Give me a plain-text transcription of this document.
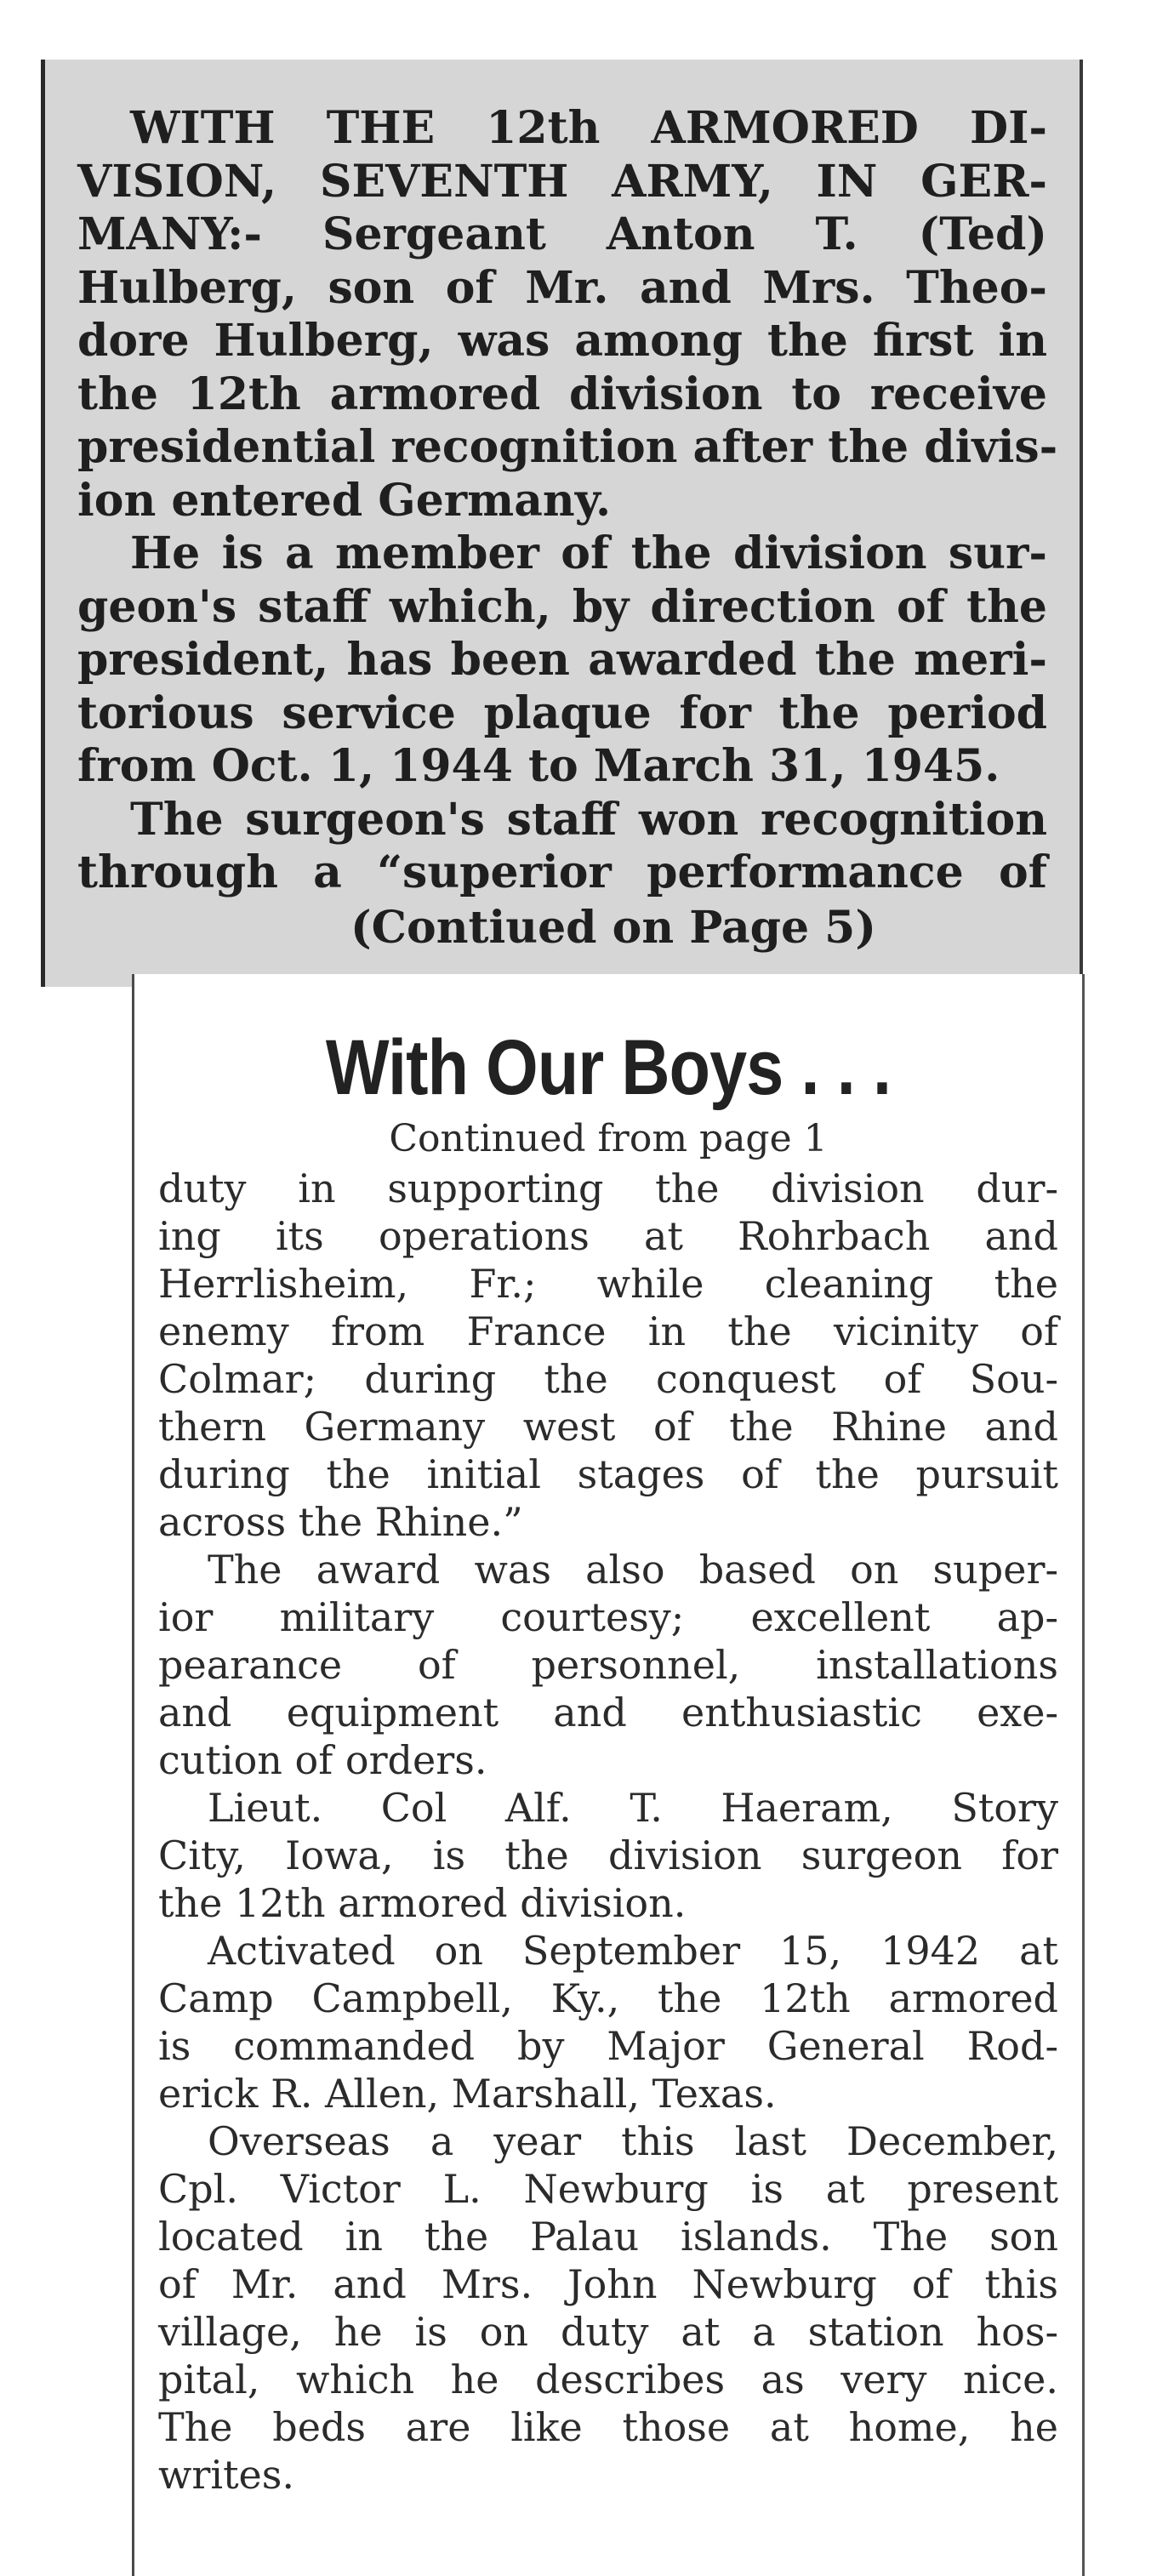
WITH THE 12th ARMORED DI-
VISION, SEVENTH ARMY, IN GER-
MANY:- Sergeant Anton T. (Ted)
Hulberg, son of Mr. and Mrs. Theo-
dore Hulberg, was among the first in
the 12th armored division to receive
presidential recognition after the divis-
ion entered Germany.
He is a member of the division sur-
geon's staff which, by direction of the
president, has been awarded the meri-
torious service plaque for the period
from Oct. 1, 1944 to March 31, 1945.
The surgeon's staff won recognition
through a “superior performance of
(Contiued on Page 5)
With Our Boys . . .
Continued from page 1
duty in supporting the division dur-
ing its operations at Rohrbach and
Herrlisheim, Fr.; while cleaning the
enemy from France in the vicinity of
Colmar; during the conquest of Sou-
thern Germany west of the Rhine and
during the initial stages of the pursuit
across the Rhine.”
The award was also based on super-
ior military courtesy; excellent ap-
pearance of personnel, installations
and equipment and enthusiastic exe-
cution of orders.
Lieut. Col Alf. T. Haeram, Story
City, Iowa, is the division surgeon for
the 12th armored division.
Activated on September 15, 1942 at
Camp Campbell, Ky., the 12th armored
is commanded by Major General Rod-
erick R. Allen, Marshall, Texas.
Overseas a year this last December,
Cpl. Victor L. Newburg is at present
located in the Palau islands. The son
of Mr. and Mrs. John Newburg of this
village, he is on duty at a station hos-
pital, which he describes as very nice.
The beds are like those at home, he
writes.
